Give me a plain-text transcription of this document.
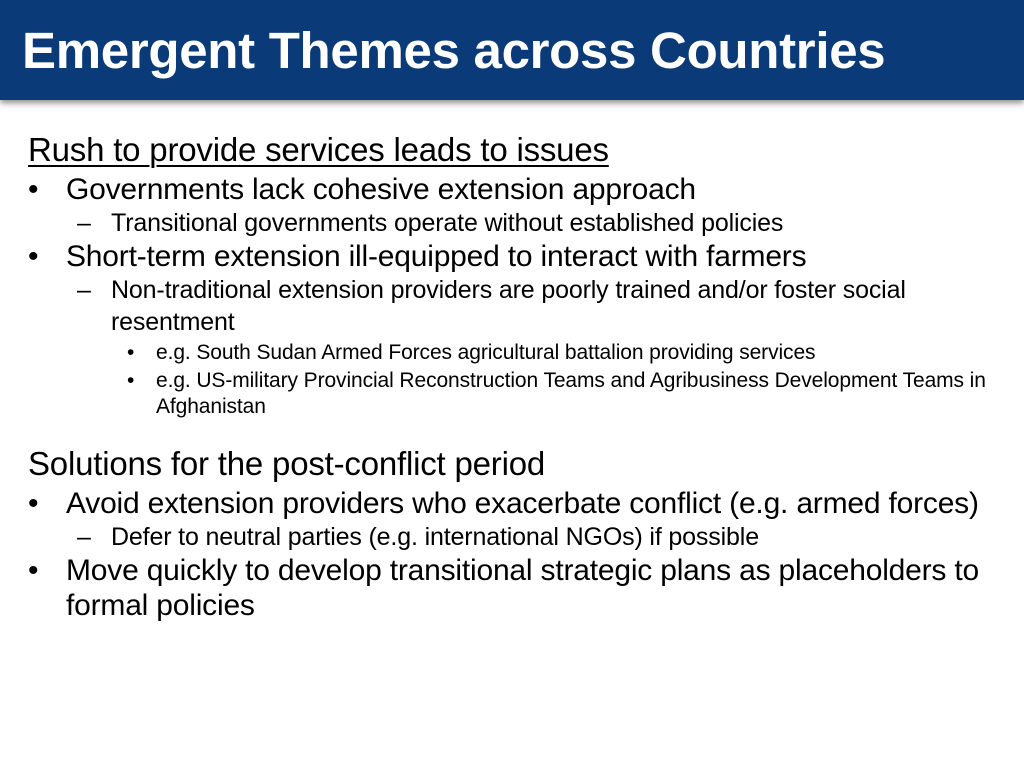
Emergent Themes across Countries
Rush to provide services leads to issues
• Governments lack cohesive extension approach
– Transitional governments operate without established policies
• Short-term extension ill-equipped to interact with farmers
– Non-traditional extension providers are poorly trained and/or foster social resentment
• e.g. South Sudan Armed Forces agricultural battalion providing services
• e.g. US-military Provincial Reconstruction Teams and Agribusiness Development Teams in Afghanistan
Solutions for the post-conflict period
• Avoid extension providers who exacerbate conflict (e.g. armed forces)
– Defer to neutral parties (e.g. international NGOs) if possible
• Move quickly to develop transitional strategic plans as placeholders to formal policies
